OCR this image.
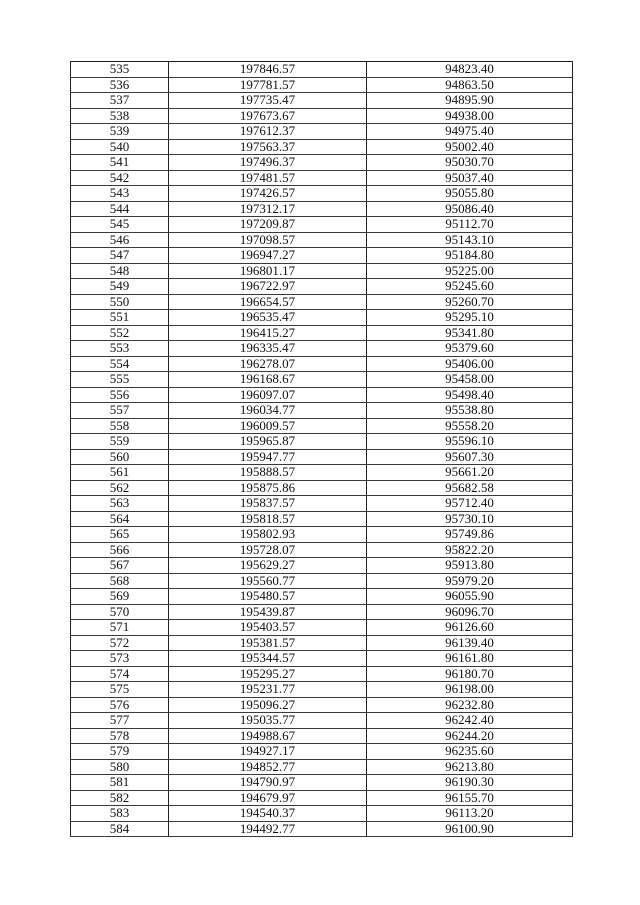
535	197846.57	94823.40
536	197781.57	94863.50
537	197735.47	94895.90
538	197673.67	94938.00
539	197612.37	94975.40
540	197563.37	95002.40
541	197496.37	95030.70
542	197481.57	95037.40
543	197426.57	95055.80
544	197312.17	95086.40
545	197209.87	95112.70
546	197098.57	95143.10
547	196947.27	95184.80
548	196801.17	95225.00
549	196722.97	95245.60
550	196654.57	95260.70
551	196535.47	95295.10
552	196415.27	95341.80
553	196335.47	95379.60
554	196278.07	95406.00
555	196168.67	95458.00
556	196097.07	95498.40
557	196034.77	95538.80
558	196009.57	95558.20
559	195965.87	95596.10
560	195947.77	95607.30
561	195888.57	95661.20
562	195875.86	95682.58
563	195837.57	95712.40
564	195818.57	95730.10
565	195802.93	95749.86
566	195728.07	95822.20
567	195629.27	95913.80
568	195560.77	95979.20
569	195480.57	96055.90
570	195439.87	96096.70
571	195403.57	96126.60
572	195381.57	96139.40
573	195344.57	96161.80
574	195295.27	96180.70
575	195231.77	96198.00
576	195096.27	96232.80
577	195035.77	96242.40
578	194988.67	96244.20
579	194927.17	96235.60
580	194852.77	96213.80
581	194790.97	96190.30
582	194679.97	96155.70
583	194540.37	96113.20
584	194492.77	96100.90
